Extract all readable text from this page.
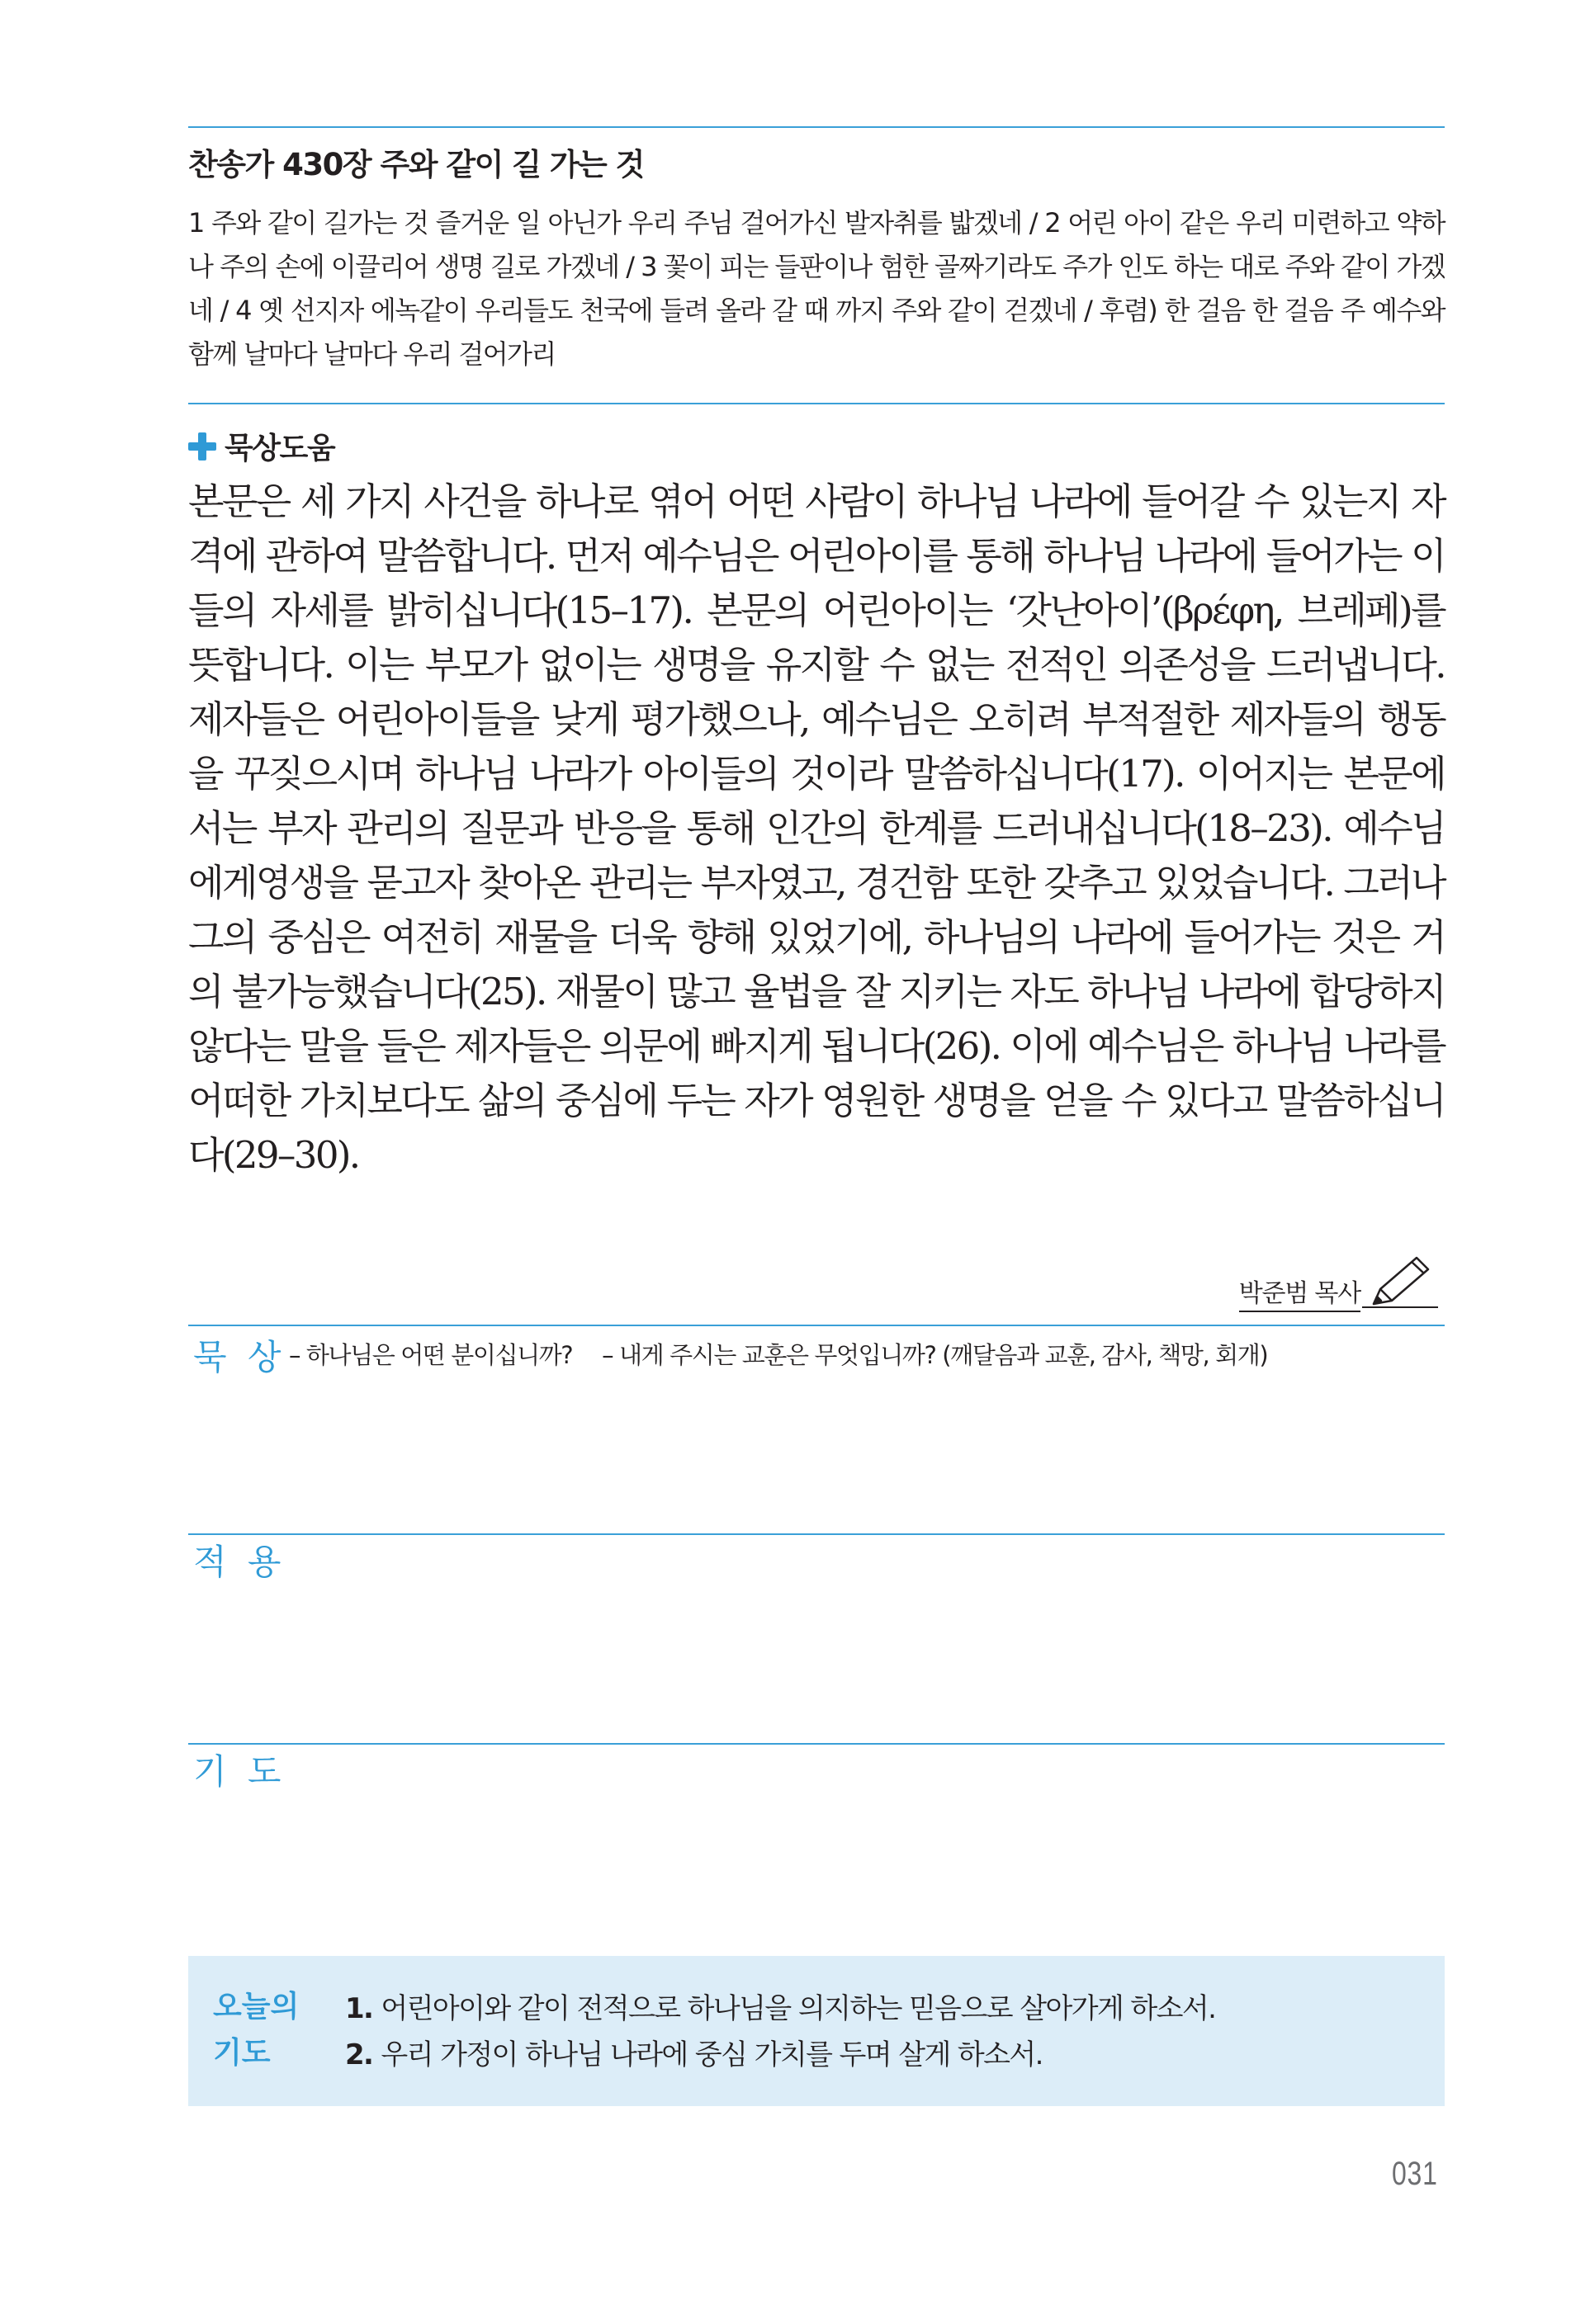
찬송가 430장 주와 같이 길 가는 것

1 주와 같이 길가는 것 즐거운 일 아닌가 우리 주님 걸어가신 발자취를 밟겠네 / 2 어린 아이 같은 우리 미련하고 약하나 주의 손에 이끌리어 생명 길로 가겠네 / 3 꽃이 피는 들판이나 험한 골짜기라도 주가 인도 하는 대로 주와 같이 가겠네 / 4 옛 선지자 에녹같이 우리들도 천국에 들려 올라 갈 때 까지 주와 같이 걷겠네 / 후렴) 한 걸음 한 걸음 주 예수와 함께 날마다 날마다 우리 걸어가리

묵상도움

본문은 세 가지 사건을 하나로 엮어 어떤 사람이 하나님 나라에 들어갈 수 있는지 자격에 관하여 말씀합니다. 먼저 예수님은 어린아이를 통해 하나님 나라에 들어가는 이들의 자세를 밝히십니다(15–17). 본문의 어린아이는 ‘갓난아이’(βρέφη, 브레페)를 뜻합니다. 이는 부모가 없이는 생명을 유지할 수 없는 전적인 의존성을 드러냅니다. 제자들은 어린아이들을 낮게 평가했으나, 예수님은 오히려 부적절한 제자들의 행동을 꾸짖으시며 하나님 나라가 아이들의 것이라 말씀하십니다(17). 이어지는 본문에서는 부자 관리의 질문과 반응을 통해 인간의 한계를 드러내십니다(18–23). 예수님에게영생을 묻고자 찾아온 관리는 부자였고, 경건함 또한 갖추고 있었습니다. 그러나 그의 중심은 여전히 재물을 더욱 향해 있었기에, 하나님의 나라에 들어가는 것은 거의 불가능했습니다(25). 재물이 많고 율법을 잘 지키는 자도 하나님 나라에 합당하지 않다는 말을 들은 제자들은 의문에 빠지게 됩니다(26). 이에 예수님은 하나님 나라를 어떠한 가치보다도 삶의 중심에 두는 자가 영원한 생명을 얻을 수 있다고 말씀하십니다(29–30).

박준범 목사
묵 상 – 하나님은 어떤 분이십니까? – 내게 주시는 교훈은 무엇입니까? (깨달음과 교훈, 감사, 책망, 회개)
적 용
기 도
오늘의 기도
1. 어린아이와 같이 전적으로 하나님을 의지하는 믿음으로 살아가게 하소서.
2. 우리 가정이 하나님 나라에 중심 가치를 두며 살게 하소서.
031
